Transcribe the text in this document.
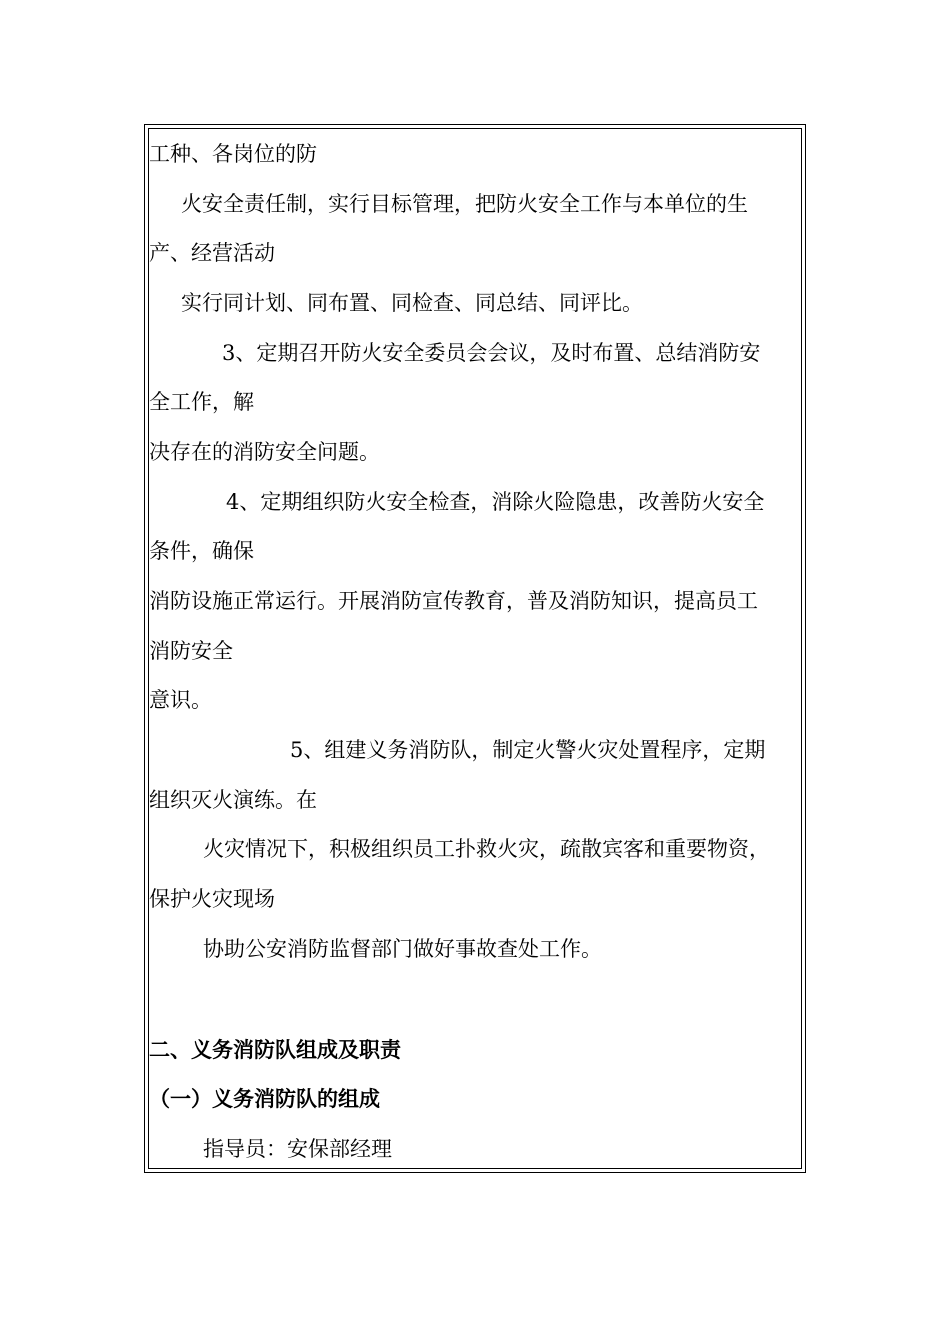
工种、各岗位的防
火安全责任制，实行目标管理，把防火安全工作与本单位的生
产、经营活动
实行同计划、同布置、同检查、同总结、同评比。
3、定期召开防火安全委员会会议，及时布置、总结消防安
全工作，解
决存在的消防安全问题。
4、定期组织防火安全检查，消除火险隐患，改善防火安全
条件，确保
消防设施正常运行。开展消防宣传教育，普及消防知识，提高员工
消防安全
意识。
5、组建义务消防队，制定火警火灾处置程序，定期
组织灭火演练。在
火灾情况下，积极组织员工扑救火灾，疏散宾客和重要物资，
保护火灾现场
协助公安消防监督部门做好事故查处工作。
二、义务消防队组成及职责
（一）义务消防队的组成
指导员：安保部经理
